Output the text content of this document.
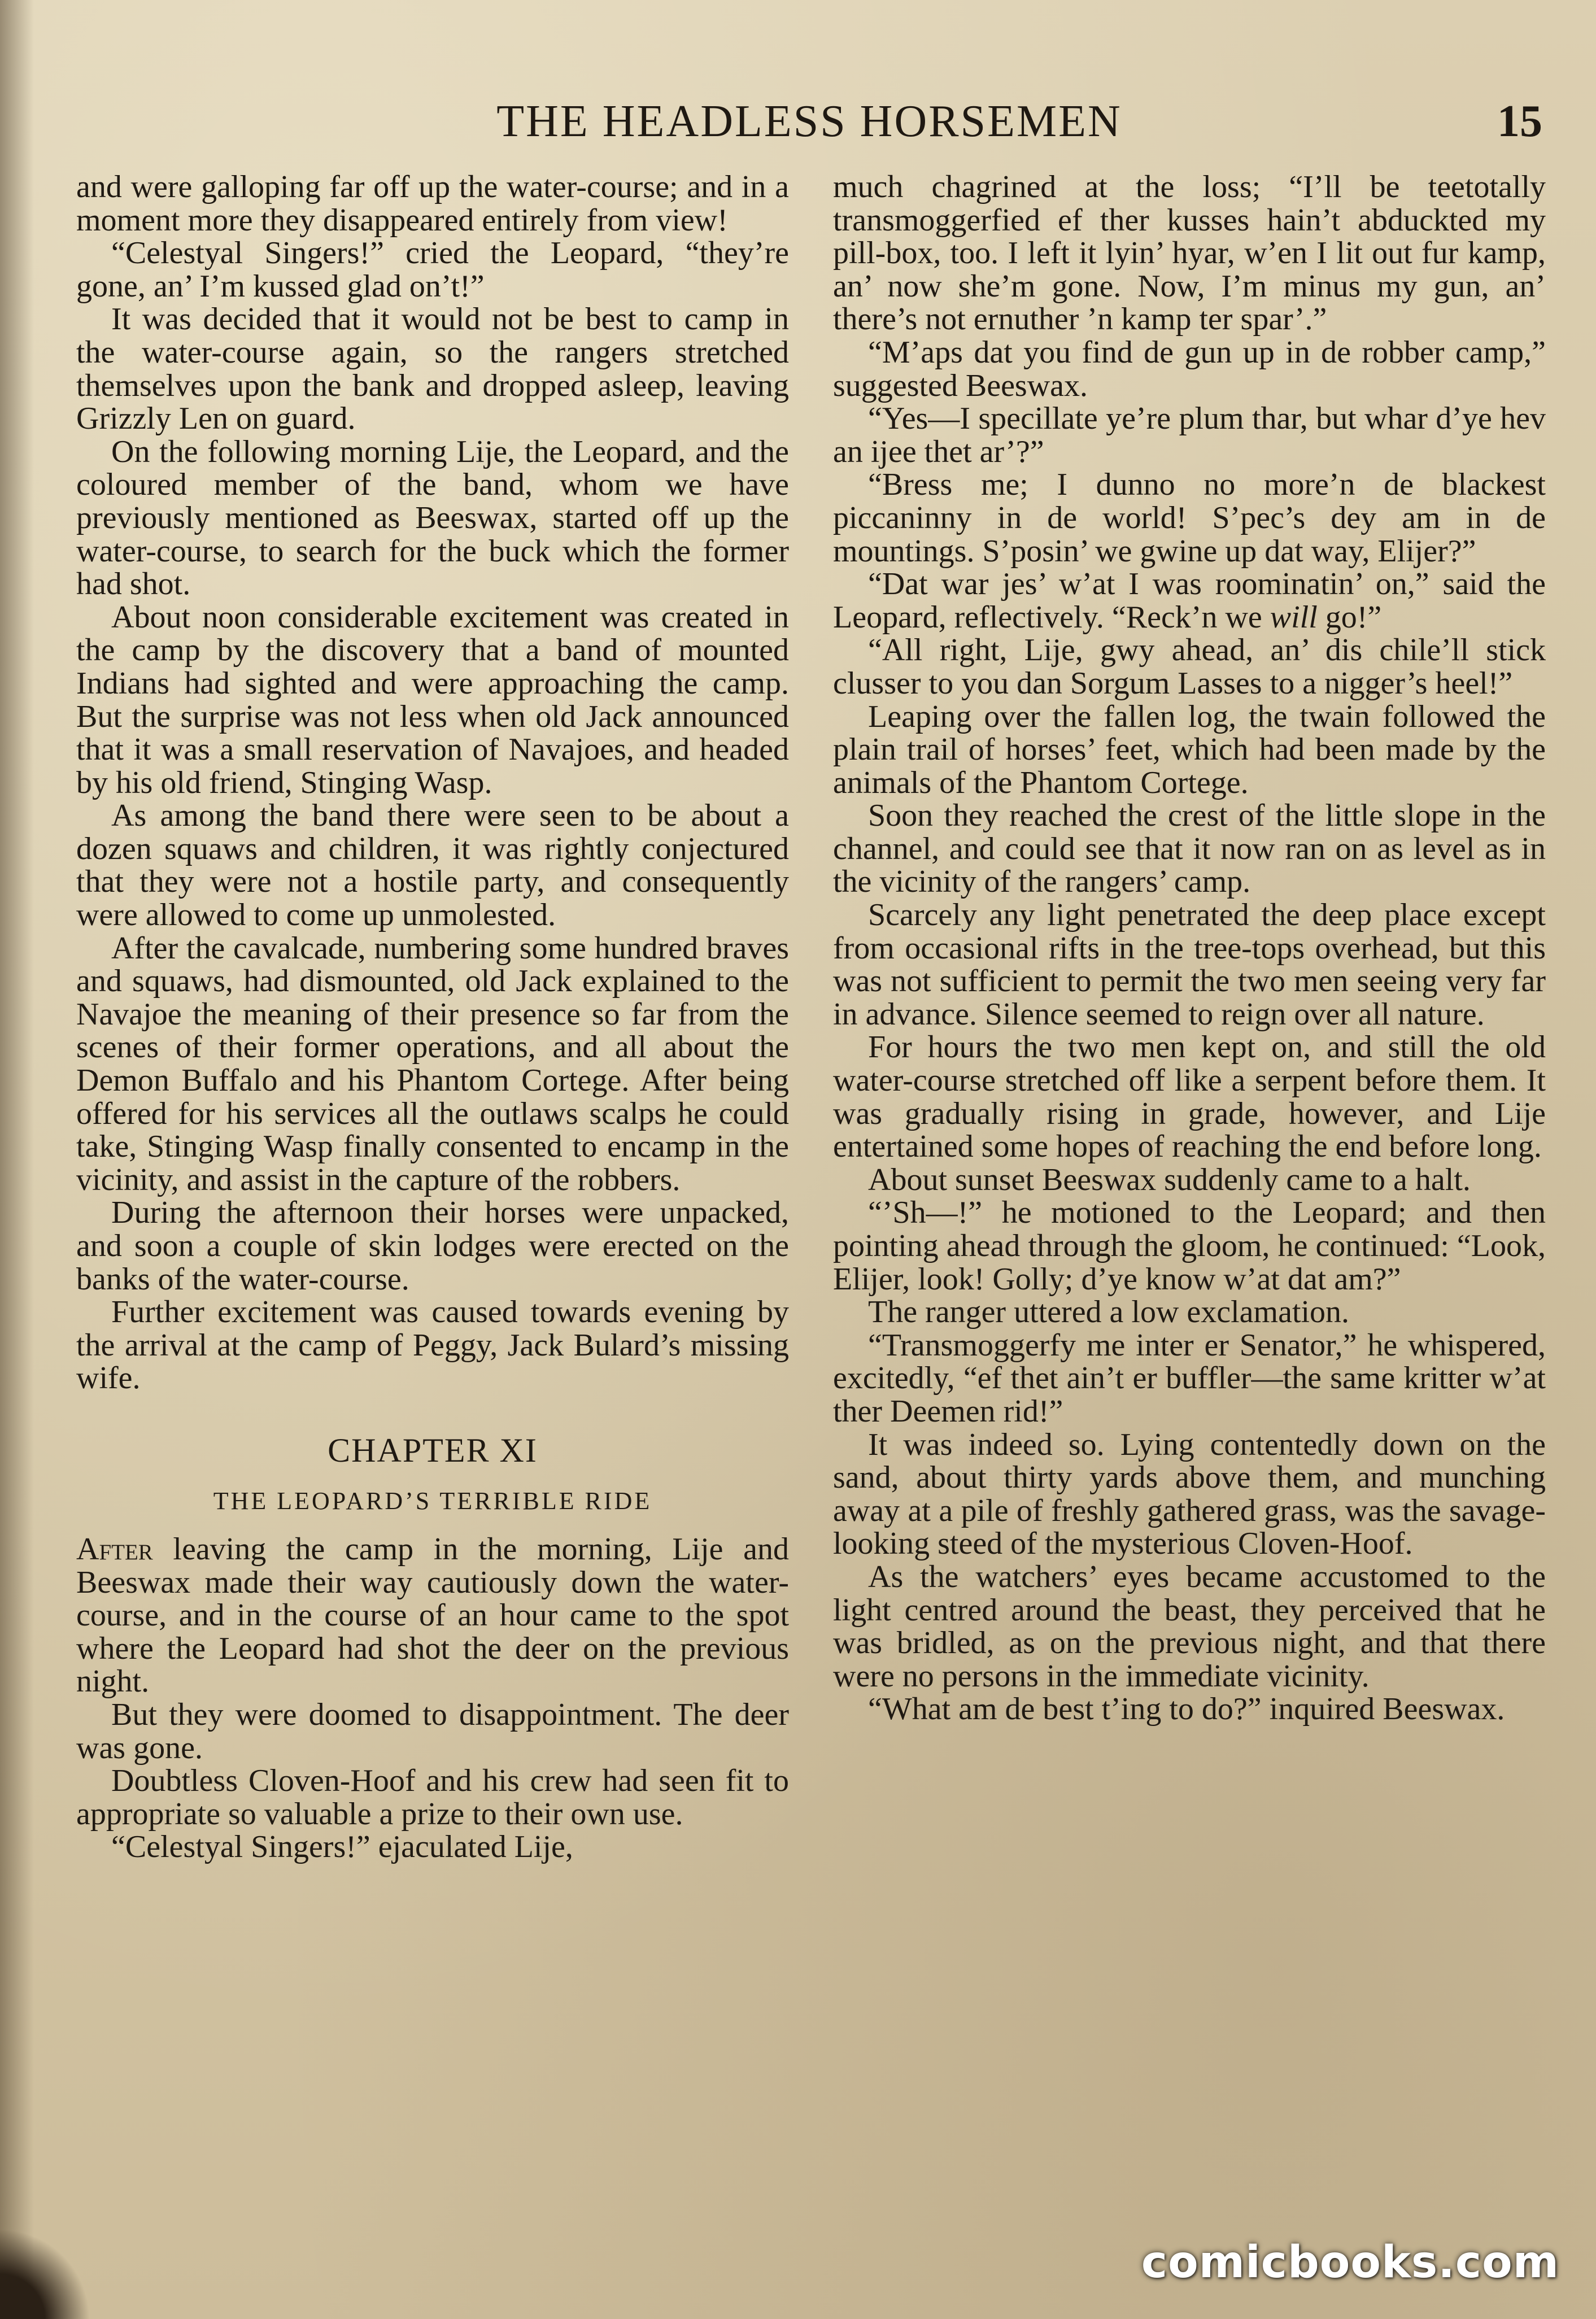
THE HEADLESS HORSEMEN	15

and were galloping far off up the water-course; and in a moment more they disappeared entirely from view!

“Celestyal Singers!” cried the Leopard, “they’re gone, an’ I’m kussed glad on’t!”

It was decided that it would not be best to camp in the water-course again, so the rangers stretched themselves upon the bank and dropped asleep, leaving Grizzly Len on guard.

On the following morning Lije, the Leopard, and the coloured member of the band, whom we have previously mentioned as Beeswax, started off up the water-course, to search for the buck which the former had shot.

About noon considerable excitement was created in the camp by the discovery that a band of mounted Indians had sighted and were approaching the camp. But the surprise was not less when old Jack announced that it was a small reservation of Navajoes, and headed by his old friend, Stinging Wasp.

As among the band there were seen to be about a dozen squaws and children, it was rightly conjectured that they were not a hostile party, and consequently were allowed to come up unmolested.

After the cavalcade, numbering some hundred braves and squaws, had dismounted, old Jack explained to the Navajoe the meaning of their presence so far from the scenes of their former operations, and all about the Demon Buffalo and his Phantom Cortege. After being offered for his services all the outlaws scalps he could take, Stinging Wasp finally consented to encamp in the vicinity, and assist in the capture of the robbers.

During the afternoon their horses were unpacked, and soon a couple of skin lodges were erected on the banks of the water-course.

Further excitement was caused towards evening by the arrival at the camp of Peggy, Jack Bulard’s missing wife.

CHAPTER XI
THE LEOPARD’S TERRIBLE RIDE

After leaving the camp in the morning, Lije and Beeswax made their way cautiously down the water-course, and in the course of an hour came to the spot where the Leopard had shot the deer on the previous night.

But they were doomed to disappointment. The deer was gone.

Doubtless Cloven-Hoof and his crew had seen fit to appropriate so valuable a prize to their own use.

“Celestyal Singers!” ejaculated Lije,

much chagrined at the loss; “I’ll be teetotally transmoggerfied ef ther kusses hain’t abduckted my pill-box, too. I left it lyin’ hyar, w’en I lit out fur kamp, an’ now she’m gone. Now, I’m minus my gun, an’ there’s not ernuther ’n kamp ter spar’.”

“M’aps dat you find de gun up in de robber camp,” suggested Beeswax.

“Yes—I specillate ye’re plum thar, but whar d’ye hev an ijee thet ar’?”

“Bress me; I dunno no more’n de blackest piccaninny in de world! S’pec’s dey am in de mountings. S’posin’ we gwine up dat way, Elijer?”

“Dat war jes’ w’at I was roominatin’ on,” said the Leopard, reflectively. “Reck’n we will go!”

“All right, Lije, gwy ahead, an’ dis chile’ll stick clusser to you dan Sorgum Lasses to a nigger’s heel!”

Leaping over the fallen log, the twain followed the plain trail of horses’ feet, which had been made by the animals of the Phantom Cortege.

Soon they reached the crest of the little slope in the channel, and could see that it now ran on as level as in the vicinity of the rangers’ camp.

Scarcely any light penetrated the deep place except from occasional rifts in the tree-tops overhead, but this was not sufficient to permit the two men seeing very far in advance. Silence seemed to reign over all nature.

For hours the two men kept on, and still the old water-course stretched off like a serpent before them. It was gradually rising in grade, however, and Lije entertained some hopes of reaching the end before long.

About sunset Beeswax suddenly came to a halt.

“’Sh—!” he motioned to the Leopard; and then pointing ahead through the gloom, he continued: “Look, Elijer, look! Golly; d’ye know w’at dat am?”

The ranger uttered a low exclamation.

“Transmoggerfy me inter er Senator,” he whispered, excitedly, “ef thet ain’t er buffler—the same kritter w’at ther Deemen rid!”

It was indeed so. Lying contentedly down on the sand, about thirty yards above them, and munching away at a pile of freshly gathered grass, was the savage-looking steed of the mysterious Cloven-Hoof.

As the watchers’ eyes became accustomed to the light centred around the beast, they perceived that he was bridled, as on the previous night, and that there were no persons in the immediate vicinity.

“What am de best t’ing to do?” inquired Beeswax.

comicbooks.com
